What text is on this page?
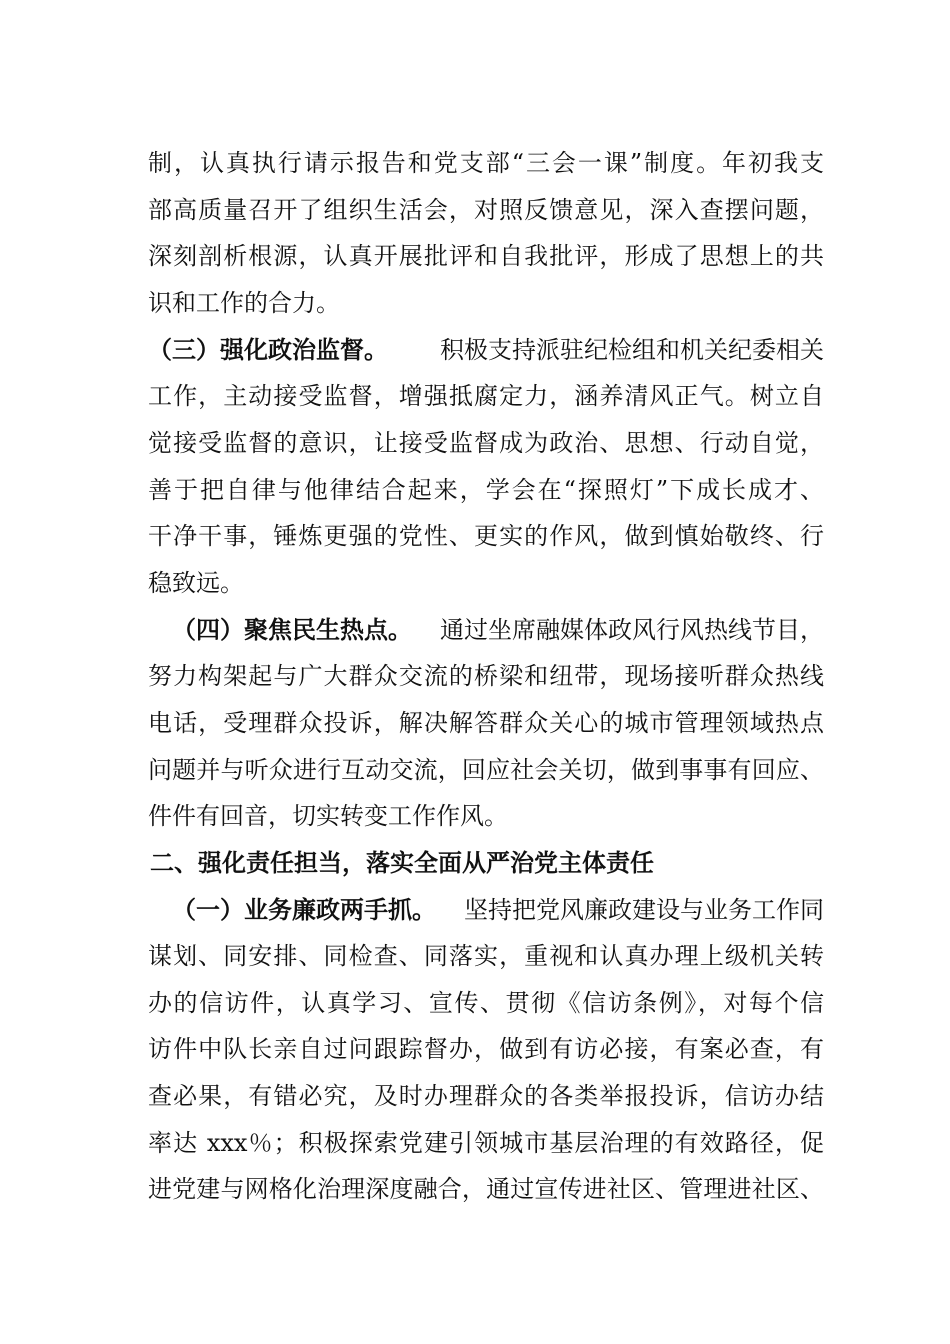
制，认真执行请示报告和党支部“三会一课”制度。年初我支
部高质量召开了组织生活会，对照反馈意见，深入查摆问题，
深刻剖析根源，认真开展批评和自我批评，形成了思想上的共
识和工作的合力。
（三）强化政治监督。 积极支持派驻纪检组和机关纪委相关
工作，主动接受监督，增强抵腐定力，涵养清风正气。树立自
觉接受监督的意识，让接受监督成为政治、思想、行动自觉，
善于把自律与他律结合起来，学会在“探照灯”下成长成才、
干净干事，锤炼更强的党性、更实的作风，做到慎始敬终、行
稳致远。
（四）聚焦民生热点。 通过坐席融媒体政风行风热线节目，
努力构架起与广大群众交流的桥梁和纽带，现场接听群众热线
电话，受理群众投诉，解决解答群众关心的城市管理领域热点
问题并与听众进行互动交流，回应社会关切，做到事事有回应、
件件有回音，切实转变工作作风。
二、强化责任担当，落实全面从严治党主体责任
（一）业务廉政两手抓。 坚持把党风廉政建设与业务工作同
谋划、同安排、同检查、同落实，重视和认真办理上级机关转
办的信访件，认真学习、宣传、贯彻《信访条例》，对每个信
访件中队长亲自过问跟踪督办，做到有访必接，有案必查，有
查必果，有错必究，及时办理群众的各类举报投诉，信访办结
率达 xxx％；积极探索党建引领城市基层治理的有效路径，促
进党建与网格化治理深度融合，通过宣传进社区、管理进社区、
